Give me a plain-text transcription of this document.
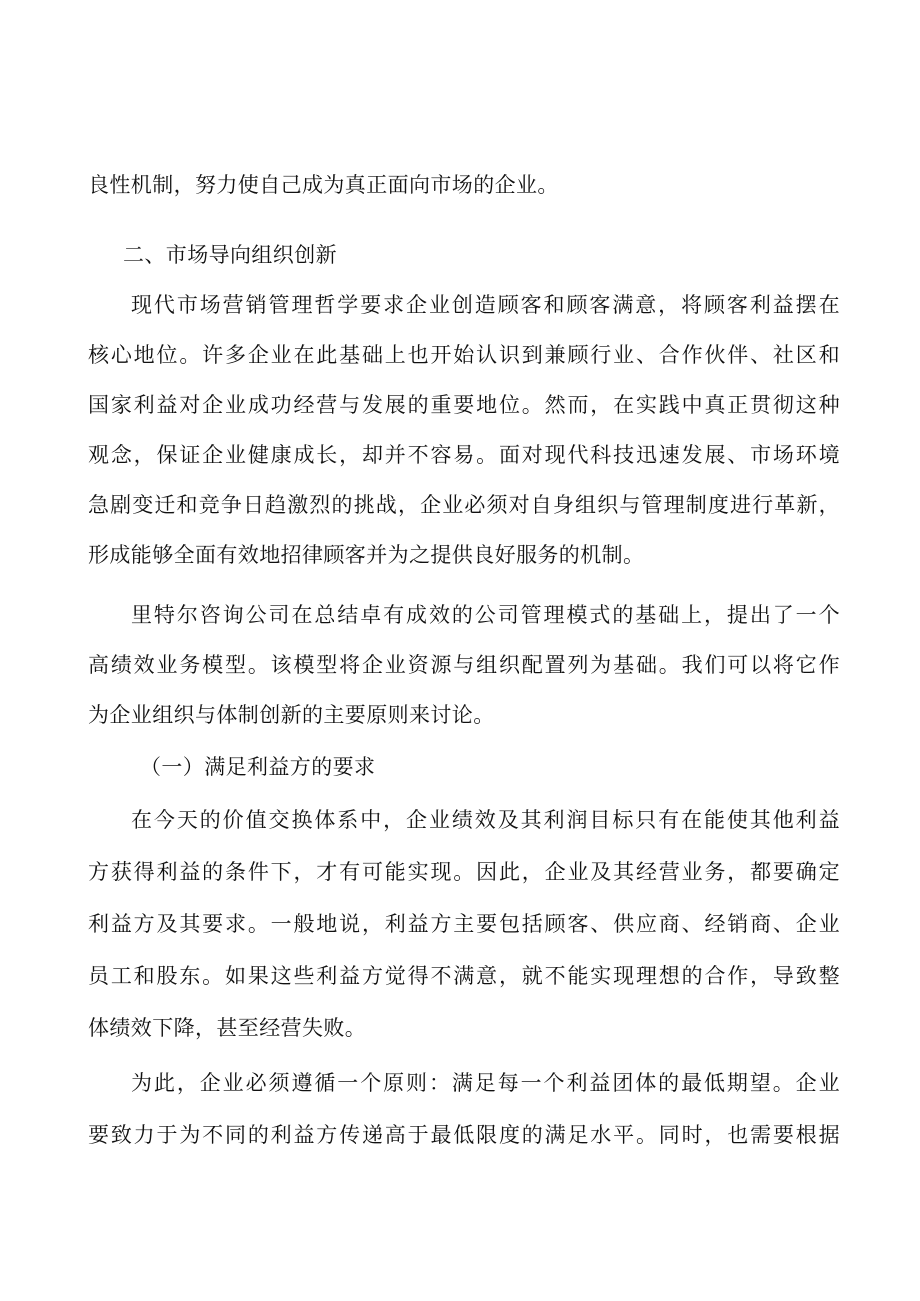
良性机制，努力使自己成为真正面向市场的企业。
二、市场导向组织创新
现代市场营销管理哲学要求企业创造顾客和顾客满意，将顾客利益摆在
核心地位。许多企业在此基础上也开始认识到兼顾行业、合作伙伴、社区和
国家利益对企业成功经营与发展的重要地位。然而，在实践中真正贯彻这种
观念，保证企业健康成长，却并不容易。面对现代科技迅速发展、市场环境
急剧变迁和竞争日趋激烈的挑战，企业必须对自身组织与管理制度进行革新，
形成能够全面有效地招律顾客并为之提供良好服务的机制。
里特尔咨询公司在总结卓有成效的公司管理模式的基础上，提出了一个
高绩效业务模型。该模型将企业资源与组织配置列为基础。我们可以将它作
为企业组织与体制创新的主要原则来讨论。
（一）满足利益方的要求
在今天的价值交换体系中，企业绩效及其利润目标只有在能使其他利益
方获得利益的条件下，才有可能实现。因此，企业及其经营业务，都要确定
利益方及其要求。一般地说，利益方主要包括顾客、供应商、经销商、企业
员工和股东。如果这些利益方觉得不满意，就不能实现理想的合作，导致整
体绩效下降，甚至经营失败。
为此，企业必须遵循一个原则：满足每一个利益团体的最低期望。企业
要致力于为不同的利益方传递高于最低限度的满足水平。同时，也需要根据
